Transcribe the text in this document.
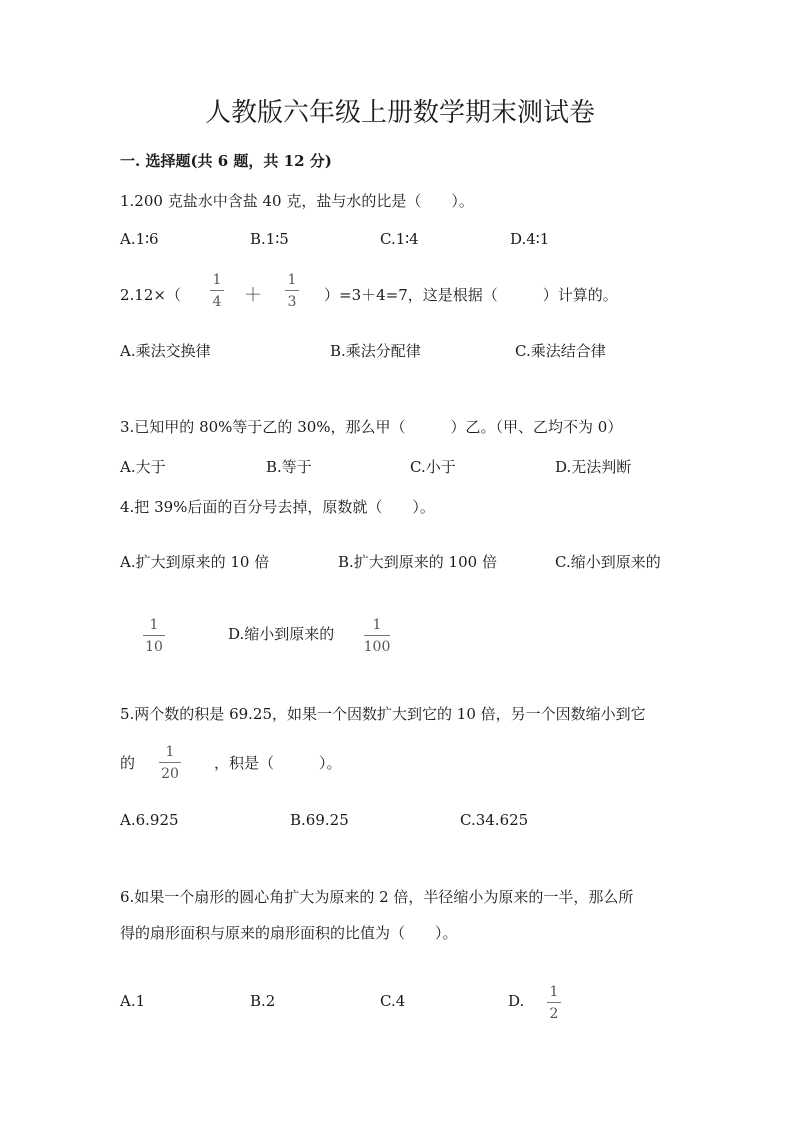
人教版六年级上册数学期末测试卷
一. 选择题(共 6 题，共 12 分)
1.200 克盐水中含盐 40 克，盐与水的比是（　　）。
A.1∶6	B.1∶5	C.1∶4	D.4∶1
2.12×（
1
4	＋
1
3	）=3＋4=7，这是根据（　　　）计算的。
A.乘法交换律	B.乘法分配律	C.乘法结合律
3.已知甲的 80%等于乙的 30%，那么甲（　　　）乙。（甲、乙均不为 0）
A.大于	B.等于	C.小于	D.无法判断
4.把 39%后面的百分号去掉，原数就（　　）。
A.扩大到原来的 10 倍	B.扩大到原来的 100 倍	C.缩小到原来的
1
10
D.缩小到原来的	1
100
5.两个数的积是 69.25，如果一个因数扩大到它的 10 倍，另一个因数缩小到它
的
1
20
，积是（　　　）。
A.6.925	B.69.25	C.34.625
6.如果一个扇形的圆心角扩大为原来的 2 倍，半径缩小为原来的一半，那么所
得的扇形面积与原来的扇形面积的比值为（　　）。
A.1	B.2	C.4	D.	1
2
